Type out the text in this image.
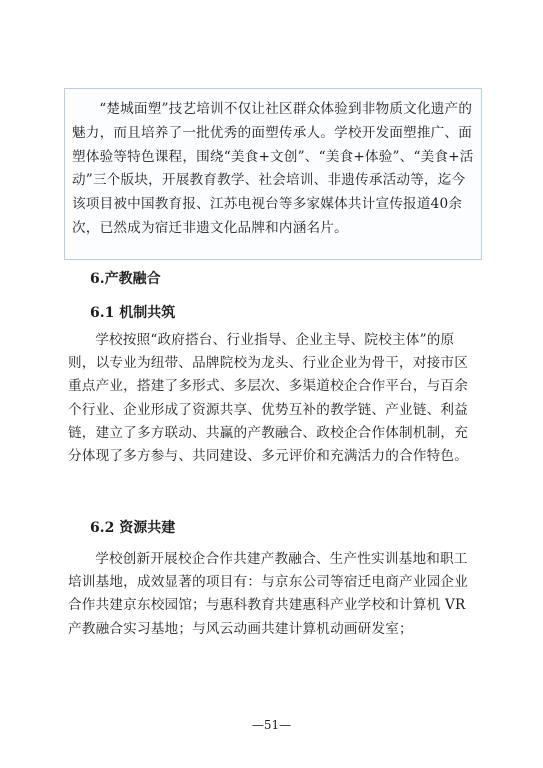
“楚城面塑”技艺培训不仅让社区群众体验到非物质文化遗产的魅力，而且培养了一批优秀的面塑传承人。学校开发面塑推广、面塑体验等特色课程，围绕“美食+文创”、“美食+体验”、“美食+活动”三个版块，开展教育教学、社会培训、非遗传承活动等，迄今该项目被中国教育报、江苏电视台等多家媒体共计宣传报道40余次，已然成为宿迁非遗文化品牌和内涵名片。

6.产教融合
6.1 机制共筑

学校按照“政府搭台、行业指导、企业主导、院校主体”的原则，以专业为纽带、品牌院校为龙头、行业企业为骨干，对接市区重点产业，搭建了多形式、多层次、多渠道校企合作平台，与百余个行业、企业形成了资源共享、优势互补的教学链、产业链、利益链，建立了多方联动、共赢的产教融合、政校企合作体制机制，充分体现了多方参与、共同建设、多元评价和充满活力的合作特色。

6.2 资源共建

学校创新开展校企合作共建产教融合、生产性实训基地和职工培训基地，成效显著的项目有：与京东公司等宿迁电商产业园企业合作共建京东校园馆；与惠科教育共建惠科产业学校和计算机 VR 产教融合实习基地；与风云动画共建计算机动画研发室；

—51—
